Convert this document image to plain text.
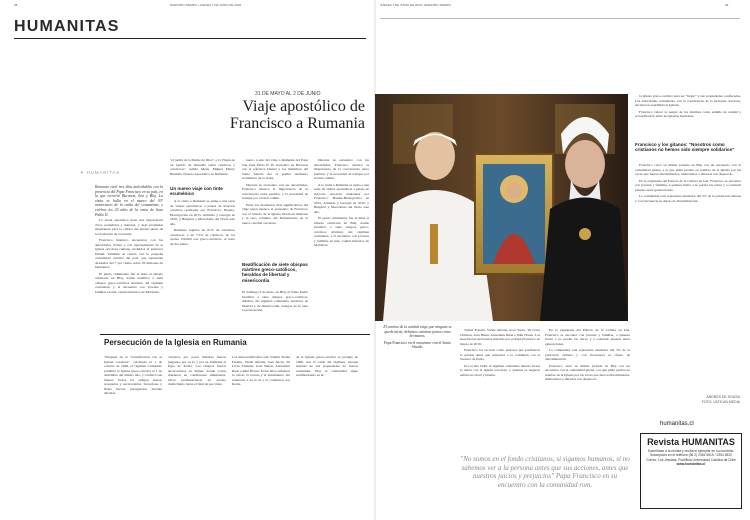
28	NUESTRO TIEMPO | JUEVES 7 DE JUNIO DE 2019
HUMANITAS
31 DE MAYO AL 2 DE JUNIO
Viaje apostólico de
Francisco a Rumania
✦ HUMANITAS
Rumania vivió tres días inolvidables con la presencia del Papa Francisco en su país, en la que recorrió Bucarest, Iasi y Blaj. La visita se halla en el marco del 30° aniversario de la caída del comunismo, y celebra los 20 años de la visita de Juan Pablo II.

La visita apostólica tiene una importancia clave ecuménica y mariana, y dejó profundas enseñanzas para la cultura del aliento pleno de la revelación de la ternura.

Francisco mantuvo encuentros con las autoridades civiles y con representantes de la iglesia ortodoxa rumana, incluidos el patriarca Daniel. También se reunió con la pequeña comunidad católica del país, que representa alrededor del 7 por ciento sobre 20 millones de habitantes.

El punto culminante fue la misa el sábado celebrada en Blaj, donde beatificó a siete obispos greco-católicos mártires del régimen comunista, y el encuentro con jóvenes y familias en Iasi, capital histórica de Moldavia.

"el jardín de la Madre de Dios", a la Virgen en un pueblo de montaña sobre católicos y ortodoxos", señaló Mons. Miguel Maury Buendía, Nuncio Apostólico en Rumania.
Un nuevo viaje con tinte ecuménico

A la visita a Rumania se suma a una serie de visitas apostólicas a países de mayoría ortodoxa realizadas por Francisco: Bosnia-Herzegovina en 2015, Armenia y Georgia en 2016, y Bulgaria y Macedonia del Norte este año.

Rumania registra un 81% de cristianos ortodoxos, y un 7,5% de católicos, de los cuales 150.000 son greco-católicos, el resto de rito latino.

nuevo a este del viaje a Rumania del Papa San Juan Pablo II. El encuentro en Bucarest con el patriarca Daniel y los miembros del Santo Sínodo fue el primer momento ecuménico de la visita.

Durante su encuentro con las autoridades, Francisco destacó la importancia de la convivencia entre pueblos, y la necesidad de trabajar por el bien común.

Entre los momentos más significativos del viaje papal destaca el encuentro de Francisco con el Sínodo de la Iglesia Ortodoxa Rumana y el rezo conjunto del Padrenuestro en la nueva catedral ortodoxa.

Beatificación de siete obispos mártires greco-católicos, heraldos de libertad y misericordia
El domingo 2 de junio, en Blaj, el Santo Padre beatificó a siete obispos greco-católicos, mártires del régimen comunista, heraldos de libertad y de misericordia, testigos de fe ante la persecución.

Durante su encuentro con las autoridades, Francisco destacó la importancia de la convivencia entre pueblos, y la necesidad de trabajar por el bien común.

A la visita a Rumania se suma a una serie de visitas apostólicas a países de mayoría ortodoxa realizadas por Francisco: Bosnia-Herzegovina en 2015, Armenia y Georgia en 2016, y Bulgaria y Macedonia del Norte este año.

El punto culminante fue la misa el sábado celebrada en Blaj, donde beatificó a siete obispos greco-católicos mártires del régimen comunista, y el encuentro con jóvenes y familias en Iasi, capital histórica de Moldavia.

Persecución de la Iglesia en Rumania
"Después de la "reunificación con la Iglesia ortodoxa", celebrada el 1 de octubre de 1948, el régimen comunista prohibió la Iglesia greco-católica el 1 de diciembre del mismo año, y confiscó sus bienes. Todos los obispos fueron arrestados y encarcelados. Sacerdotes y fieles fueron perseguidos durante décadas.
católicos por pasar mártires fueron juzgados por su fe y por su fidelidad al Papa de Roma. Los obispos fueron encarcelados en Sighet, donde varios murieron en condiciones inhumanas. Otros permanecieron en arresto domiciliario hasta el final de sus vidas.
Los siete beatificados son: Valeriu Traian Frentiu, Vasile Aftenie, Ioan Suciu, Tit Liviu Chinezu, Ioan Balan, Alexandru Rusu e Iuliu Hossu. Todos ellos sufrieron la cárcel, la tortura y el aislamiento, sin renunciar a su fe ni a la comunión con Roma.
de la Iglesia greco-católica se produjo en 1990, tras la caída del régimen, aunque muchas de sus propiedades no fueron restituidas. Hoy la comunidad sigue testimoniando su fe.
JUEVES 7 DE JUNIO DE 2019 | NUESTRO TIEMPO	29
El camino de la unidad exige que ninguno se quede atrás; debemos caminar juntos como hermanos.
Papa Francisco en el encuentro con el Santo Sínodo.

la Iglesia greco-católica para ser "llegar" y sus propiedades confiscadas. Las autoridades comunistas, con la connivencia de la jerarquía ortodoxa, declararon suprimida la Iglesia.

Francisco valoró la sangre de los mártires como semilla de unidad y reconciliación entre las Iglesias hermanas.

Francisco y los gitanos: "Nosotros como cristianos no hemos sido siempre solidarios"

Francisco cerró su última jornada en Blaj con un encuentro con la comunidad gitana, a la que pidió perdón en nombre de la Iglesia por las veces que fueron discriminados, maltratados o mirados con desprecio.

En la explanada del Palacio de la Cultura en Iasi, Francisco se encontró con jóvenes y familias, a quienes invitó a no perder las raíces y a construir puentes entre generaciones.

La comunidad rom representa alrededor del 3% de la población rumana y con frecuencia es objeto de discriminación.

Tomás Frentiu, Vasile Aftenie, Ioan Suciu, Tit Liviu Chinezu, Ioan Balan, Alexandru Rusu e Iuliu Hossu. Los siete fueron declarados mártires por el Papa Francisco en marzo de 2019.

Francisco los recordó como pastores que prefirieron la prisión antes que renunciar a la comunión con el Sucesor de Pedro.

Por el año 1948, el régimen comunista intentó forzar la unión con la Iglesia ortodoxa, y quienes se negaron sufrieron cárcel y muerte.

En la explanada del Palacio de la Cultura en Iasi, Francisco se encontró con jóvenes y familias, a quienes invitó a no perder las raíces y a construir puentes entre generaciones.

La comunidad rom representa alrededor del 3% de la población rumana y con frecuencia es objeto de discriminación.

Francisco cerró su última jornada en Blaj con un encuentro con la comunidad gitana, a la que pidió perdón en nombre de la Iglesia por las veces que fueron discriminados, maltratados o mirados con desprecio.

"No somos en el fondo cristianos, si sigamos humanos, si no sabemos ver a la persona antes que sus acciones, antes que nuestros juicios y prejuicios" Papa Francisco en su encuentro con la comunidad rom.
ANDRÉS DE SOUSA
FOTO: VATICAN MEDIA
humanitas.cl
Revista HUMANITAS
Suscríbase a la revista y reciba el ejemplar en su domicilio.
Suscripción en el teléfono (56 2) 2354 6519 / 2354 6520
Correo: Los Jesuitas, Pontificia Universidad Católica de Chile
www.humanitas.cl
